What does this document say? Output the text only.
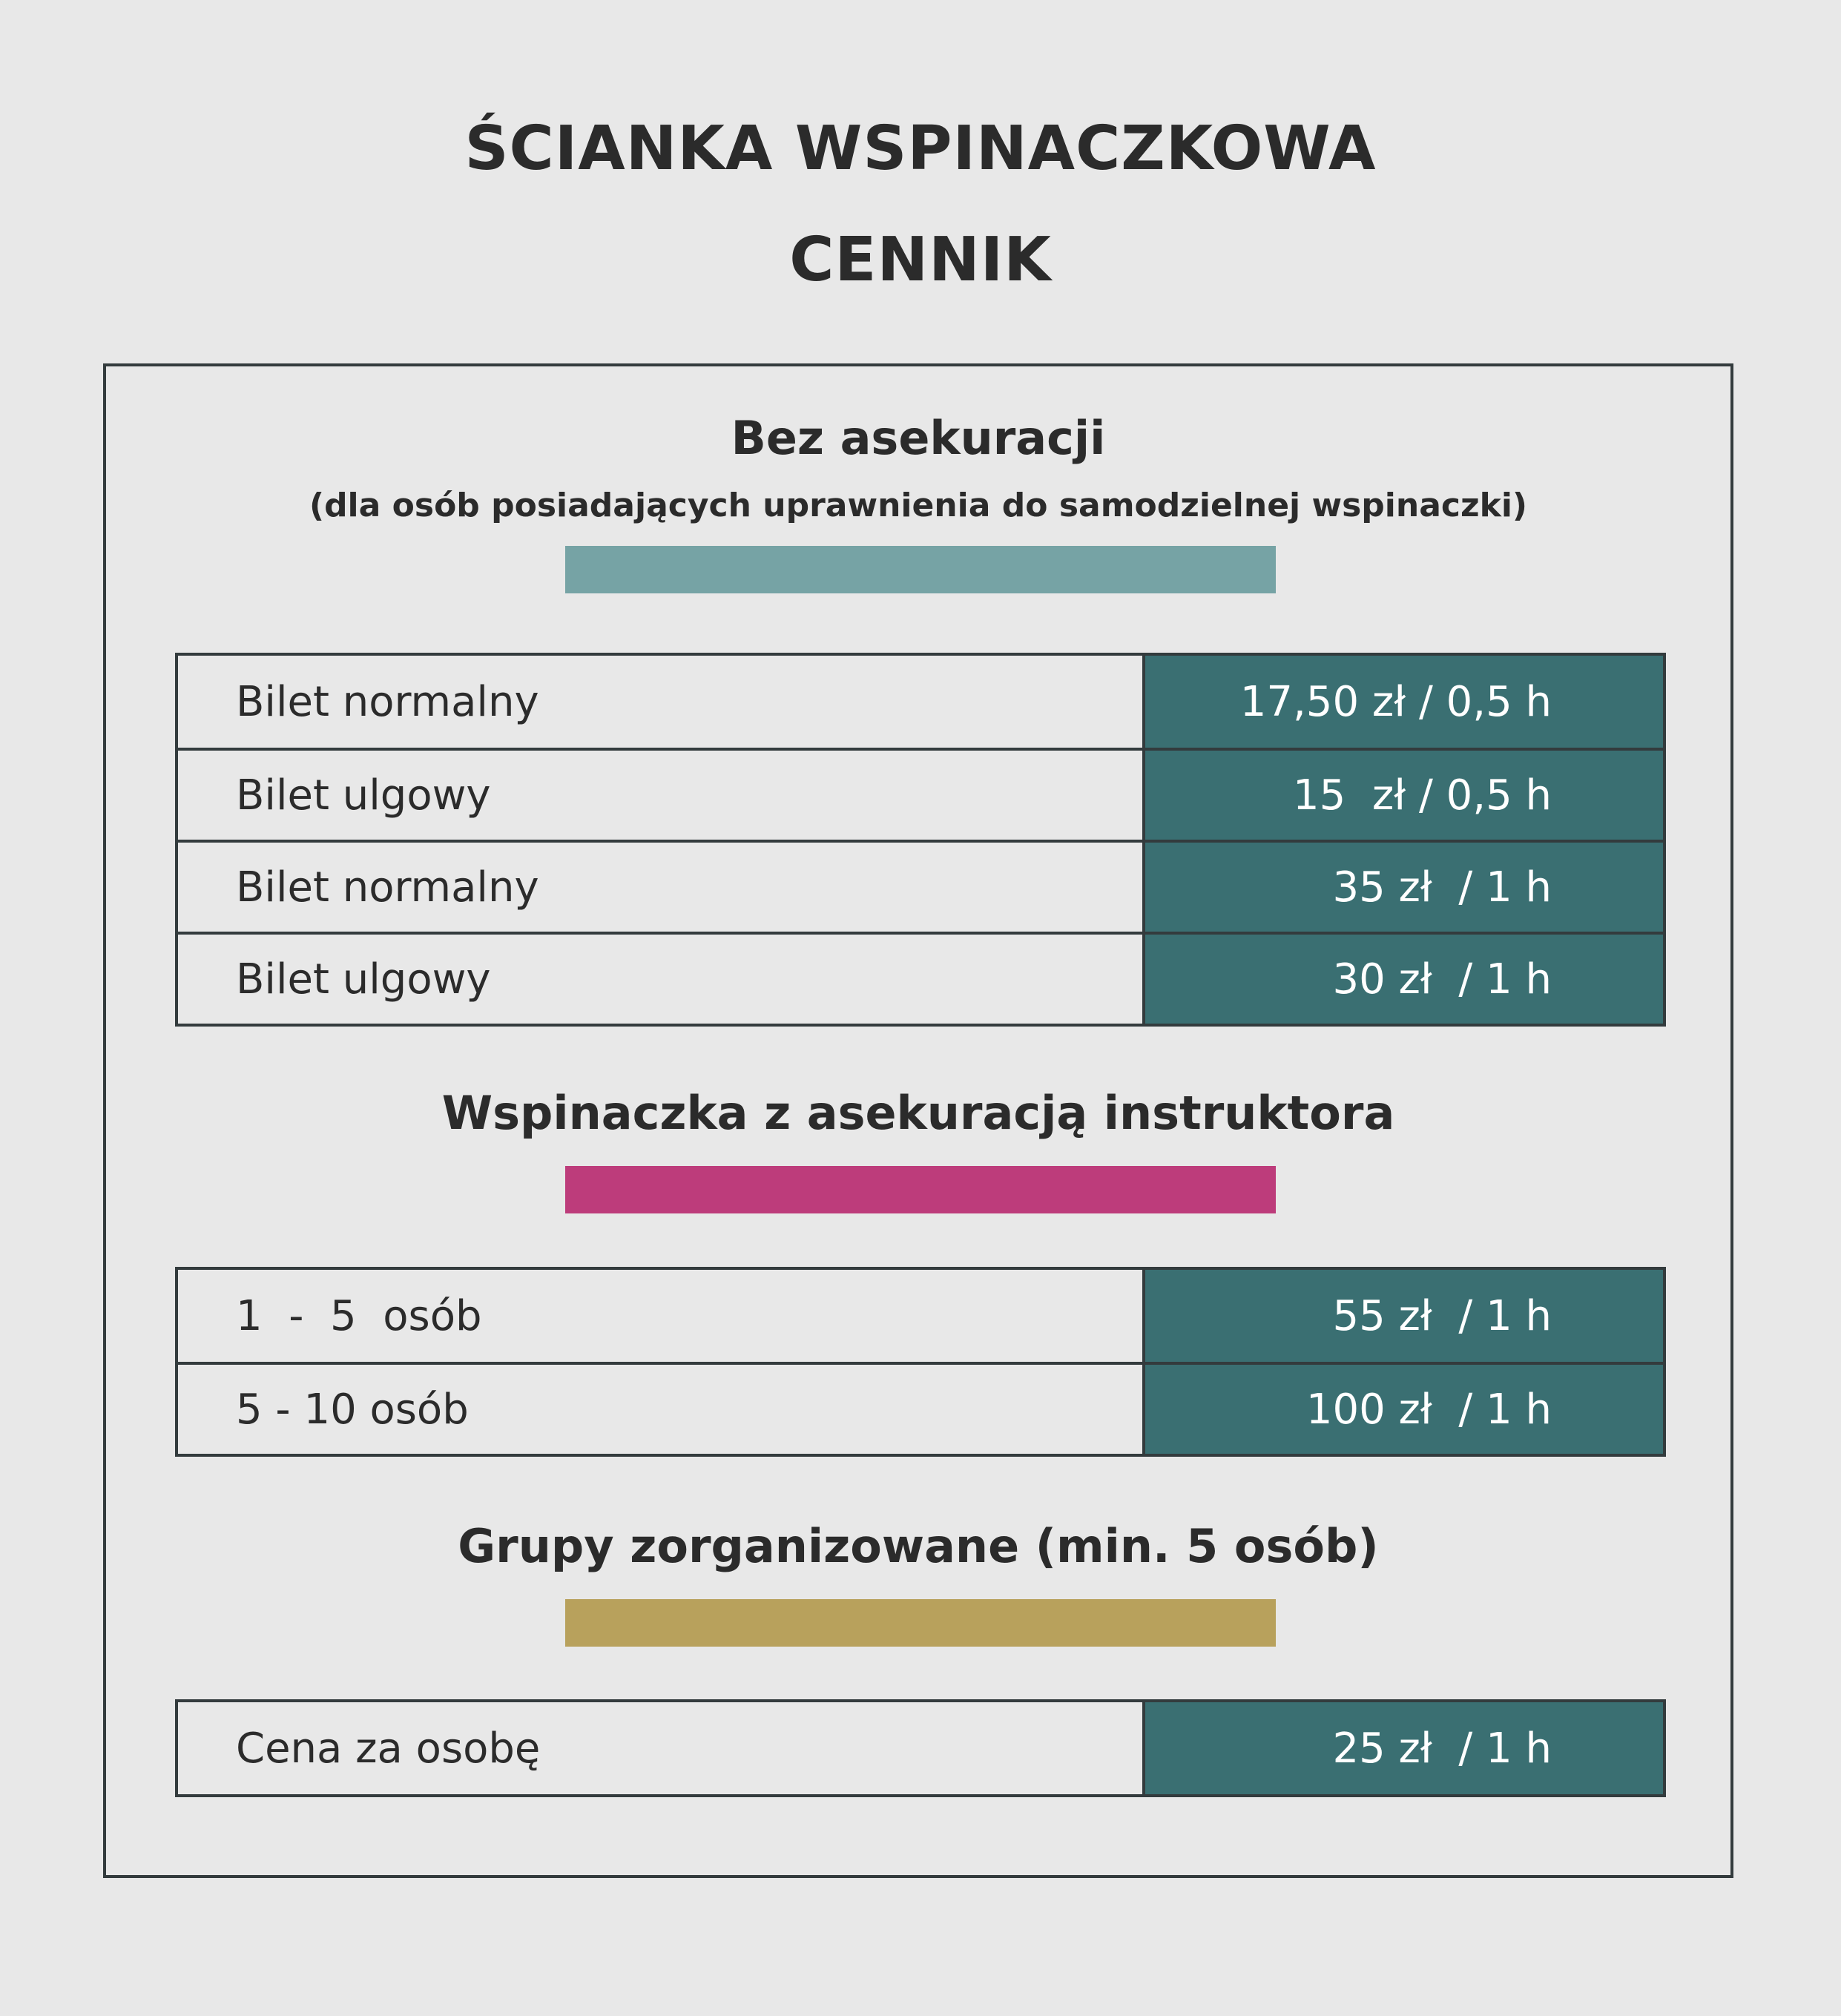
ŚCIANKA WSPINACZKOWA
CENNIK
Bez asekuracji

(dla osób posiadających uprawnienia do samodzielnej wspinaczki)

Bilet normalny	17,50 zł / 0,5 h
Bilet ulgowy	15  zł / 0,5 h
Bilet normalny	35 zł  / 1 h
Bilet ulgowy	30 zł  / 1 h
Wspinaczka z asekuracją instruktora
1  -  5  osób	55 zł  / 1 h
5 - 10 osób	100 zł  / 1 h
Grupy zorganizowane (min. 5 osób)
Cena za osobę	25 zł  / 1 h
